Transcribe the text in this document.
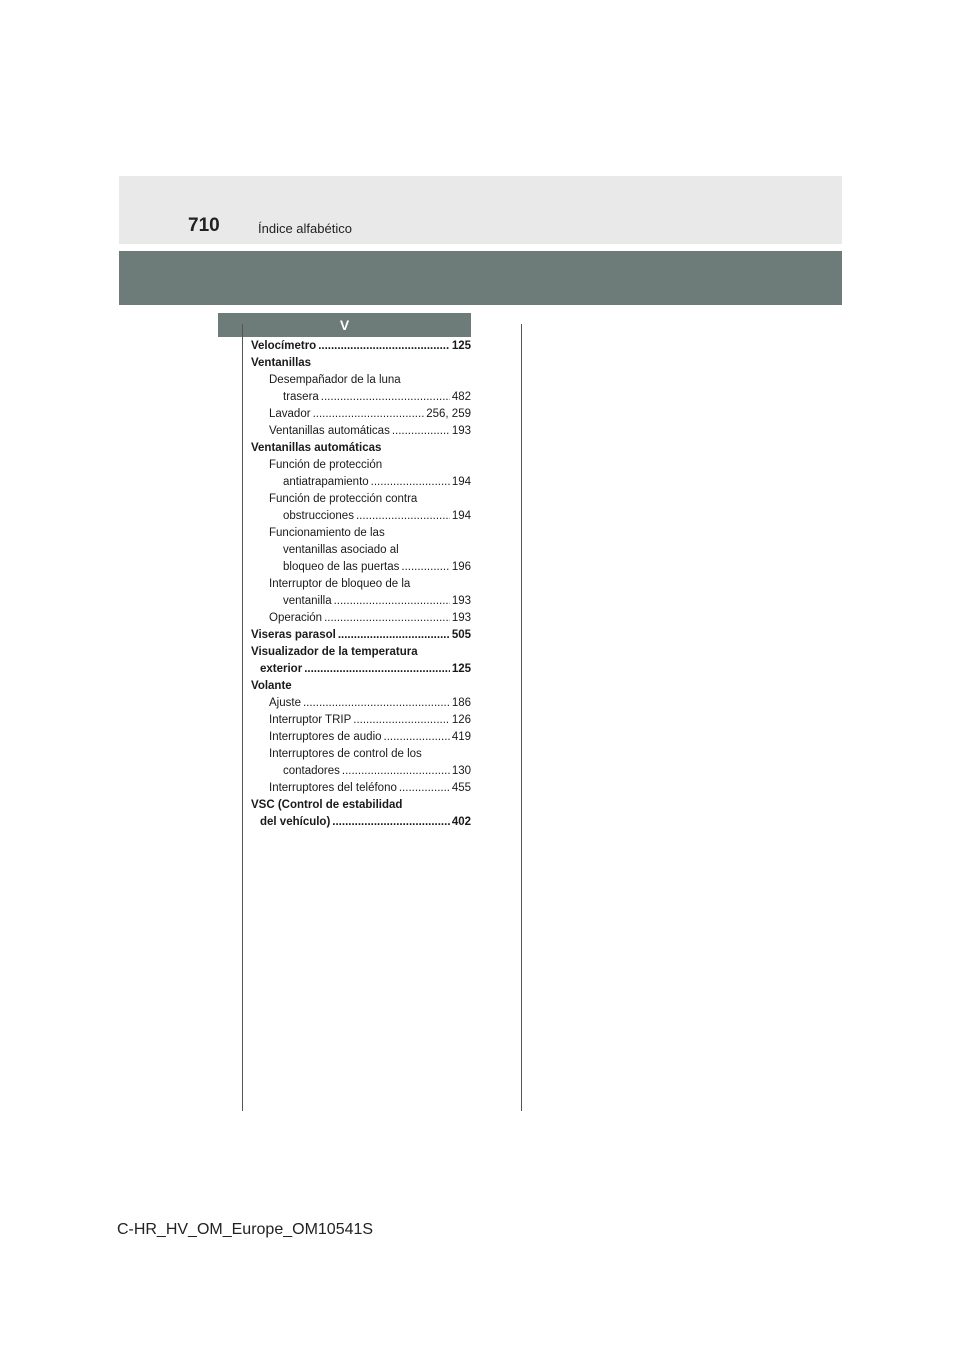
710	Índice alfabético
V
Velocímetro .....	125
Ventanillas
Desempañador de la luna
trasera .....	482
Lavador .....	256, 259
Ventanillas automáticas .....	193
Ventanillas automáticas
Función de protección
antiatrapamiento .....	194
Función de protección contra
obstrucciones .....	194
Funcionamiento de las
ventanillas asociado al
bloqueo de las puertas .....	196
Interruptor de bloqueo de la
ventanilla .....	193
Operación .....	193
Viseras parasol .....	505
Visualizador de la temperatura
exterior .....	125
Volante
Ajuste .....	186
Interruptor TRIP .....	126
Interruptores de audio .....	419
Interruptores de control de los
contadores .....	130
Interruptores del teléfono .....	455
VSC (Control de estabilidad
del vehículo) .....	402
C-HR_HV_OM_Europe_OM10541S
